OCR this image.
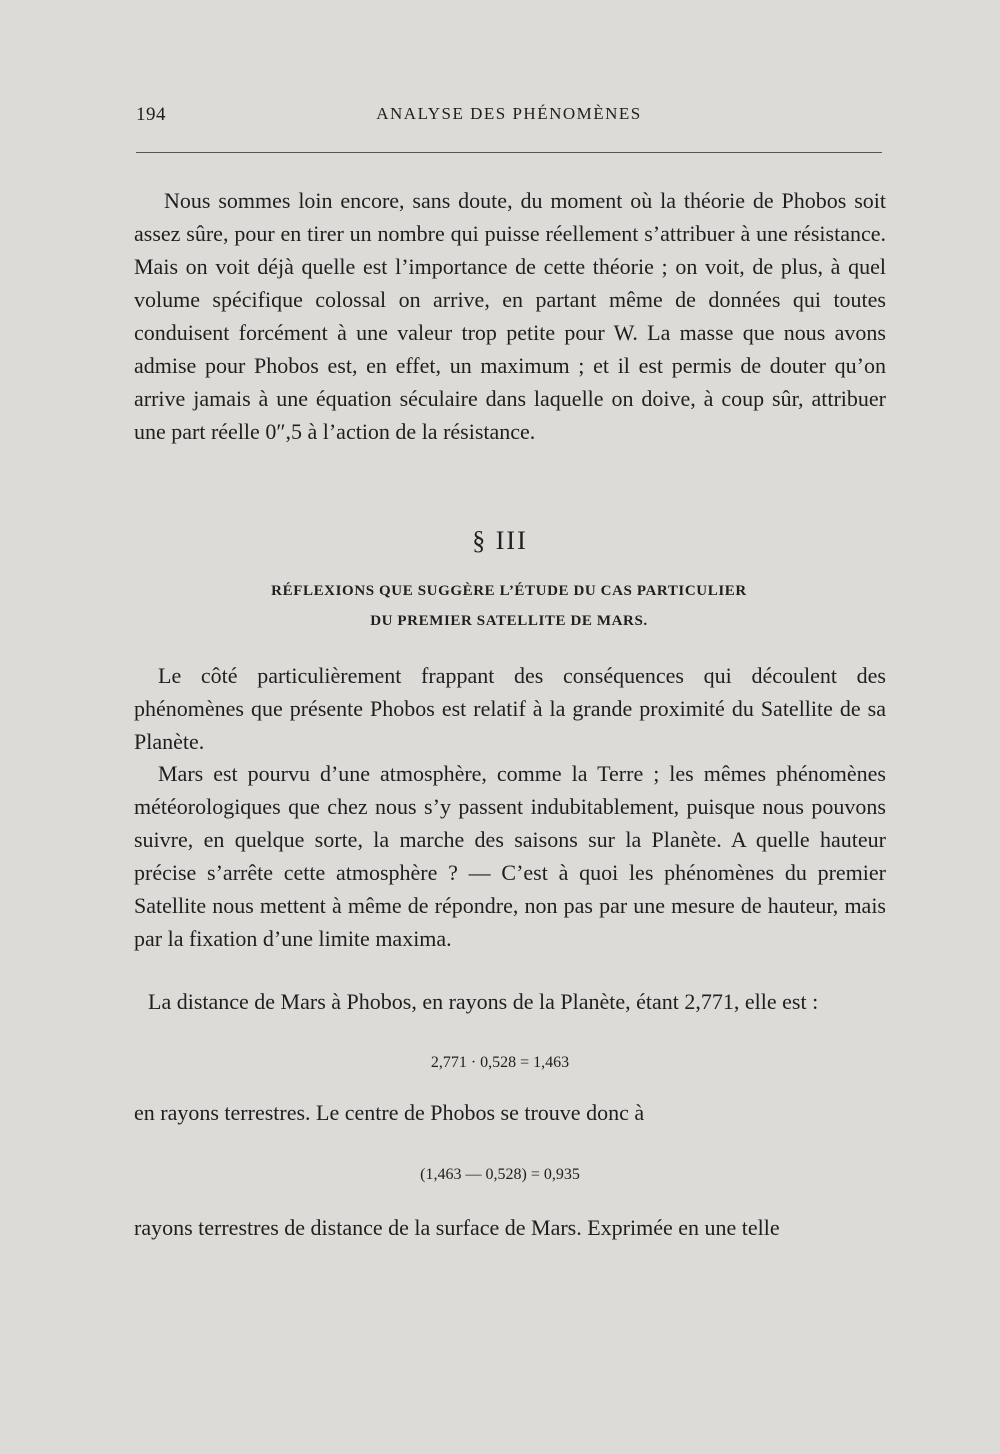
194	ANALYSE DES PHÉNOMÈNES

Nous sommes loin encore, sans doute, du moment où la théorie de Phobos soit assez sûre, pour en tirer un nombre qui puisse réellement s’attribuer à une résistance. Mais on voit déjà quelle est l’importance de cette théorie ; on voit, de plus, à quel volume spécifique colossal on arrive, en partant même de données qui toutes conduisent forcément à une valeur trop petite pour W. La masse que nous avons admise pour Phobos est, en effet, un maximum ; et il est permis de douter qu’on arrive jamais à une équation séculaire dans laquelle on doive, à coup sûr, attribuer une part réelle 0″,5 à l’action de la résistance.

§ III
RÉFLEXIONS QUE SUGGÈRE L’ÉTUDE DU CAS PARTICULIER
DU PREMIER SATELLITE DE MARS.

Le côté particulièrement frappant des conséquences qui découlent des phénomènes que présente Phobos est relatif à la grande proximité du Satellite de sa Planète.

Mars est pourvu d’une atmosphère, comme la Terre ; les mêmes phénomènes météorologiques que chez nous s’y passent indubitablement, puisque nous pouvons suivre, en quelque sorte, la marche des saisons sur la Planète. A quelle hauteur précise s’arrête cette atmosphère ? — C’est à quoi les phénomènes du premier Satellite nous mettent à même de répondre, non pas par une mesure de hauteur, mais par la fixation d’une limite maxima.

La distance de Mars à Phobos, en rayons de la Planète, étant 2,771, elle est :

2,771 · 0,528 = 1,463

en rayons terrestres. Le centre de Phobos se trouve donc à

(1,463 — 0,528) = 0,935

rayons terrestres de distance de la surface de Mars. Exprimée en une telle
